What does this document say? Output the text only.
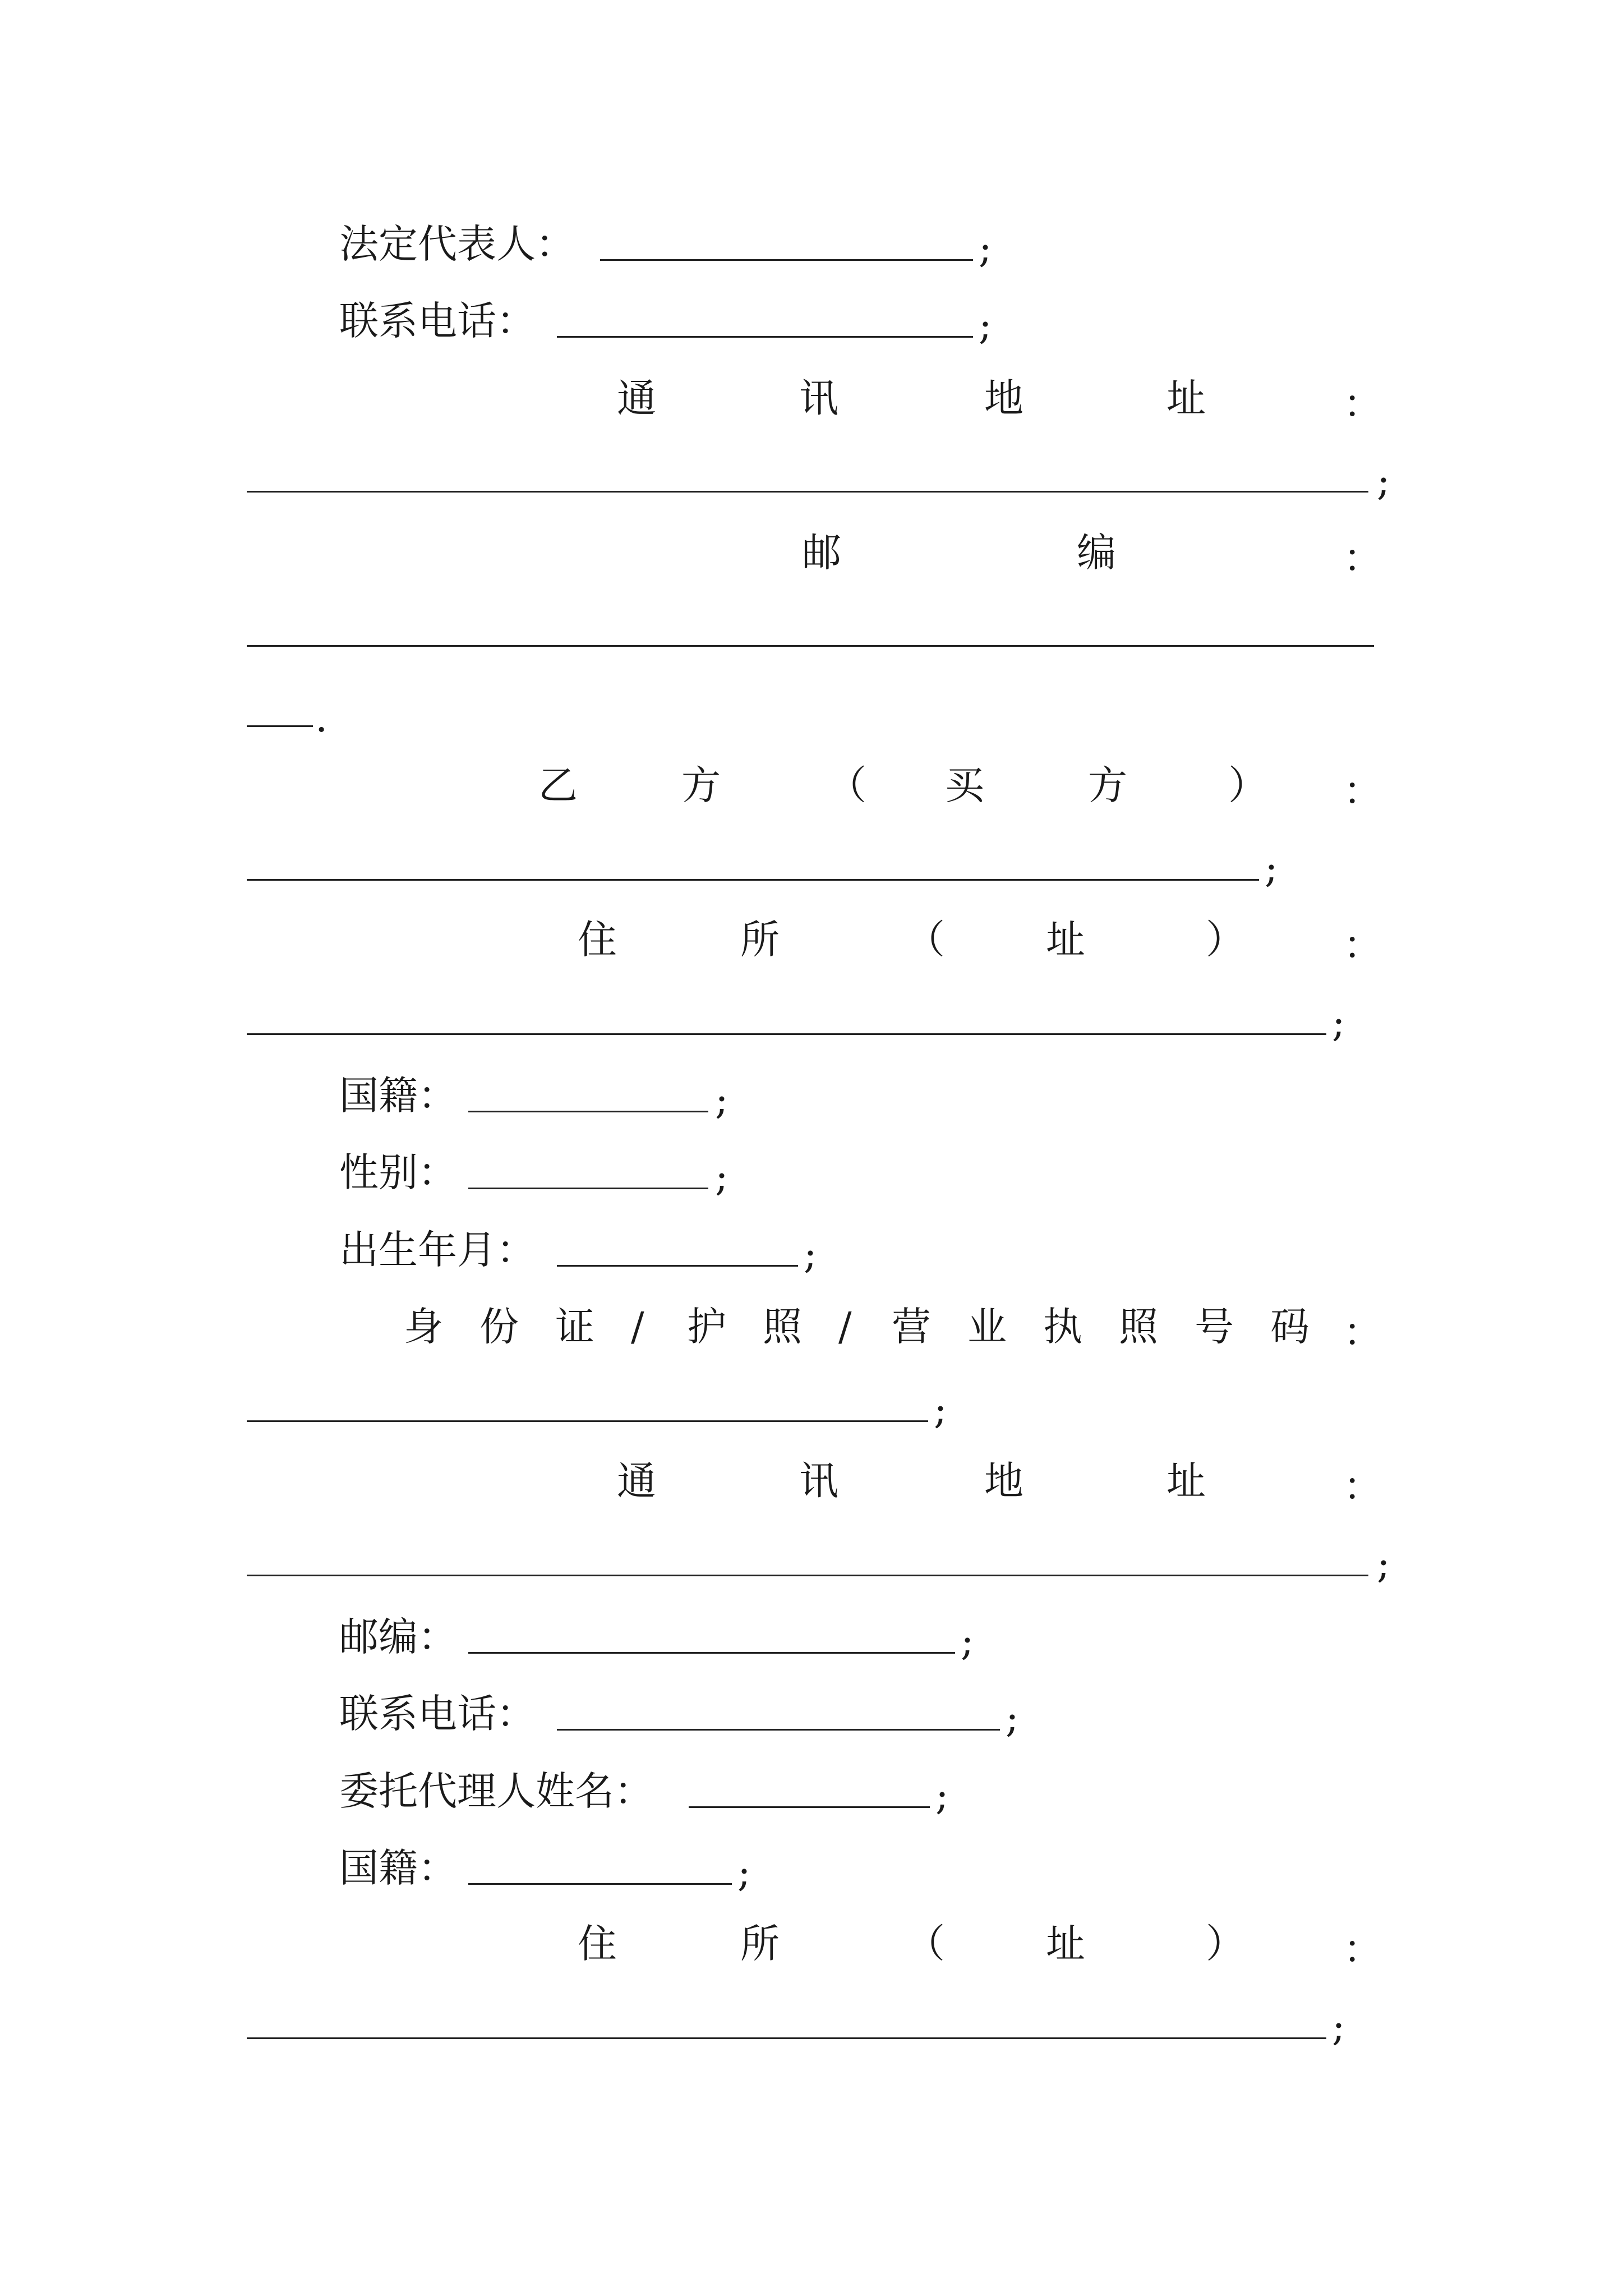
法定代表人：	;
联系电话：	;
通	讯	地	址	：
;
邮	编	：
.
乙	方	（ 买	方	） ：
;
住	所	（	址	）	：
;
国籍：	;
性别：	;
出生年月：	;
身 份 证 / 护 照 / 营 业 执 照 号 码 ：
;
通	讯	地	址	：
;
邮编：	;
联系电话：	;
委托代理人姓名：	;
国籍：	;
住	所	（	址	）	：
;
